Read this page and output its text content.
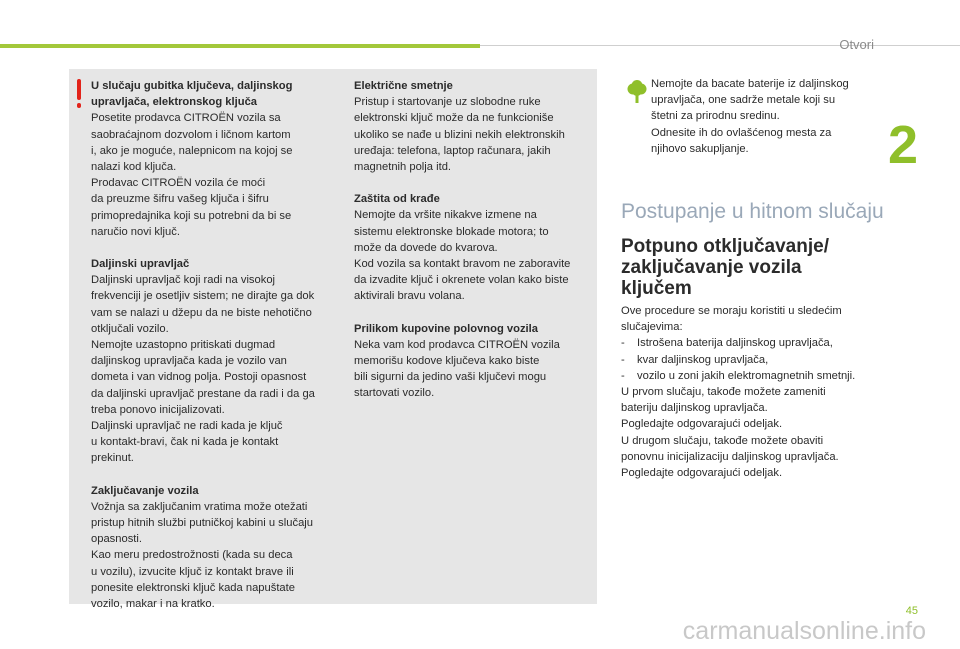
Otvori
2

U slučaju gubitka ključeva, daljinskog
upravljača, elektronskog ključa
Posetite prodavca CITROËN vozila sa
saobraćajnom dozvolom i ličnom kartom
i, ako je moguće, nalepnicom na kojoj se
nalazi kod ključa.
Prodavac CITROËN vozila će moći
da preuzme šifru vašeg ključa i šifru
primopredajnika koji su potrebni da bi se
naručio novi ključ.

Daljinski upravljač
Daljinski upravljač koji radi na visokoj
frekvenciji je osetljiv sistem; ne dirajte ga dok
vam se nalazi u džepu da ne biste nehotično
otključali vozilo.
Nemojte uzastopno pritiskati dugmad
daljinskog upravljača kada je vozilo van
dometa i van vidnog polja. Postoji opasnost
da daljinski upravljač prestane da radi i da ga
treba ponovo inicijalizovati.
Daljinski upravljač ne radi kada je ključ
u kontakt-bravi, čak ni kada je kontakt
prekinut.

Zaključavanje vozila
Vožnja sa zaključanim vratima može otežati
pristup hitnih službi putničkoj kabini u slučaju
opasnosti.
Kao meru predostrožnosti (kada su deca
u vozilu), izvucite ključ iz kontakt brave ili
ponesite elektronski ključ kada napuštate
vozilo, makar i na kratko.

Električne smetnje
Pristup i startovanje uz slobodne ruke
elektronski ključ može da ne funkcioniše
ukoliko se nađe u blizini nekih elektronskih
uređaja: telefona, laptop računara, jakih
magnetnih polja itd.

Zaštita od krađe
Nemojte da vršite nikakve izmene na
sistemu elektronske blokade motora; to
može da dovede do kvarova.
Kod vozila sa kontakt bravom ne zaboravite
da izvadite ključ i okrenete volan kako biste
aktivirali bravu volana.

Prilikom kupovine polovnog vozila
Neka vam kod prodavca CITROËN vozila
memorišu kodove ključeva kako biste
bili sigurni da jedino vaši ključevi mogu
startovati vozilo.

Nemojte da bacate baterije iz daljinskog
upravljača, one sadrže metale koji su
štetni za prirodnu sredinu.
Odnesite ih do ovlašćenog mesta za
njihovo sakupljanje.
Postupanje u hitnom slučaju
Potpuno otključavanje/
zaključavanje vozila
ključem
Ove procedure se moraju koristiti u sledećim
slučajevima:
- Istrošena baterija daljinskog upravljača,
- kvar daljinskog upravljača,
- vozilo u zoni jakih elektromagnetnih smetnji.
U prvom slučaju, takođe možete zameniti
bateriju daljinskog upravljača.
Pogledajte odgovarajući odeljak.
U drugom slučaju, takođe možete obaviti
ponovnu inicijalizaciju daljinskog upravljača.
Pogledajte odgovarajući odeljak.
45
carmanualsonline.info
